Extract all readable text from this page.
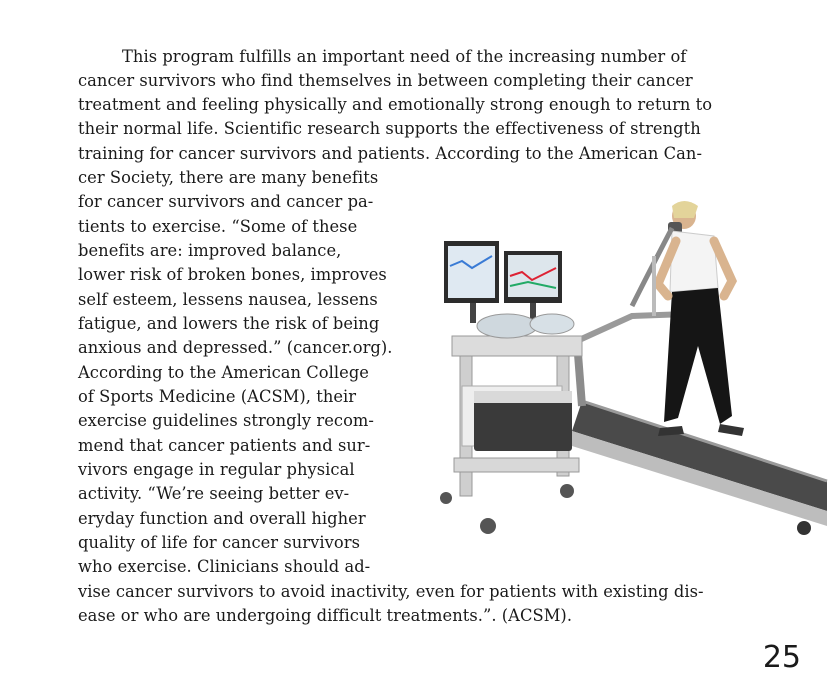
This program fulfills an important need of the increasing number of
cancer survivors who find themselves in between completing their cancer
treatment and feeling physically and emotionally strong enough to return to
their normal life. Scientific research supports the effectiveness of strength
training for cancer survivors and patients. According to the American Can-
cer Society, there are many benefits
for cancer survivors and cancer pa-
tients to exercise. “Some of these
benefits are: improved balance,
lower risk of broken bones, improves
self esteem, lessens nausea, lessens
fatigue, and lowers the risk of being
anxious and depressed.” (cancer.org).
According to the American College
of Sports Medicine (ACSM), their
exercise guidelines strongly recom-
mend that cancer patients and sur-
vivors engage in regular physical
activity. “We’re seeing better ev-
eryday function and overall higher
quality of life for cancer survivors
who exercise. Clinicians should ad-
vise cancer survivors to avoid inactivity, even for patients with existing dis-
ease or who are undergoing difficult treatments.”. (ACSM).
25
